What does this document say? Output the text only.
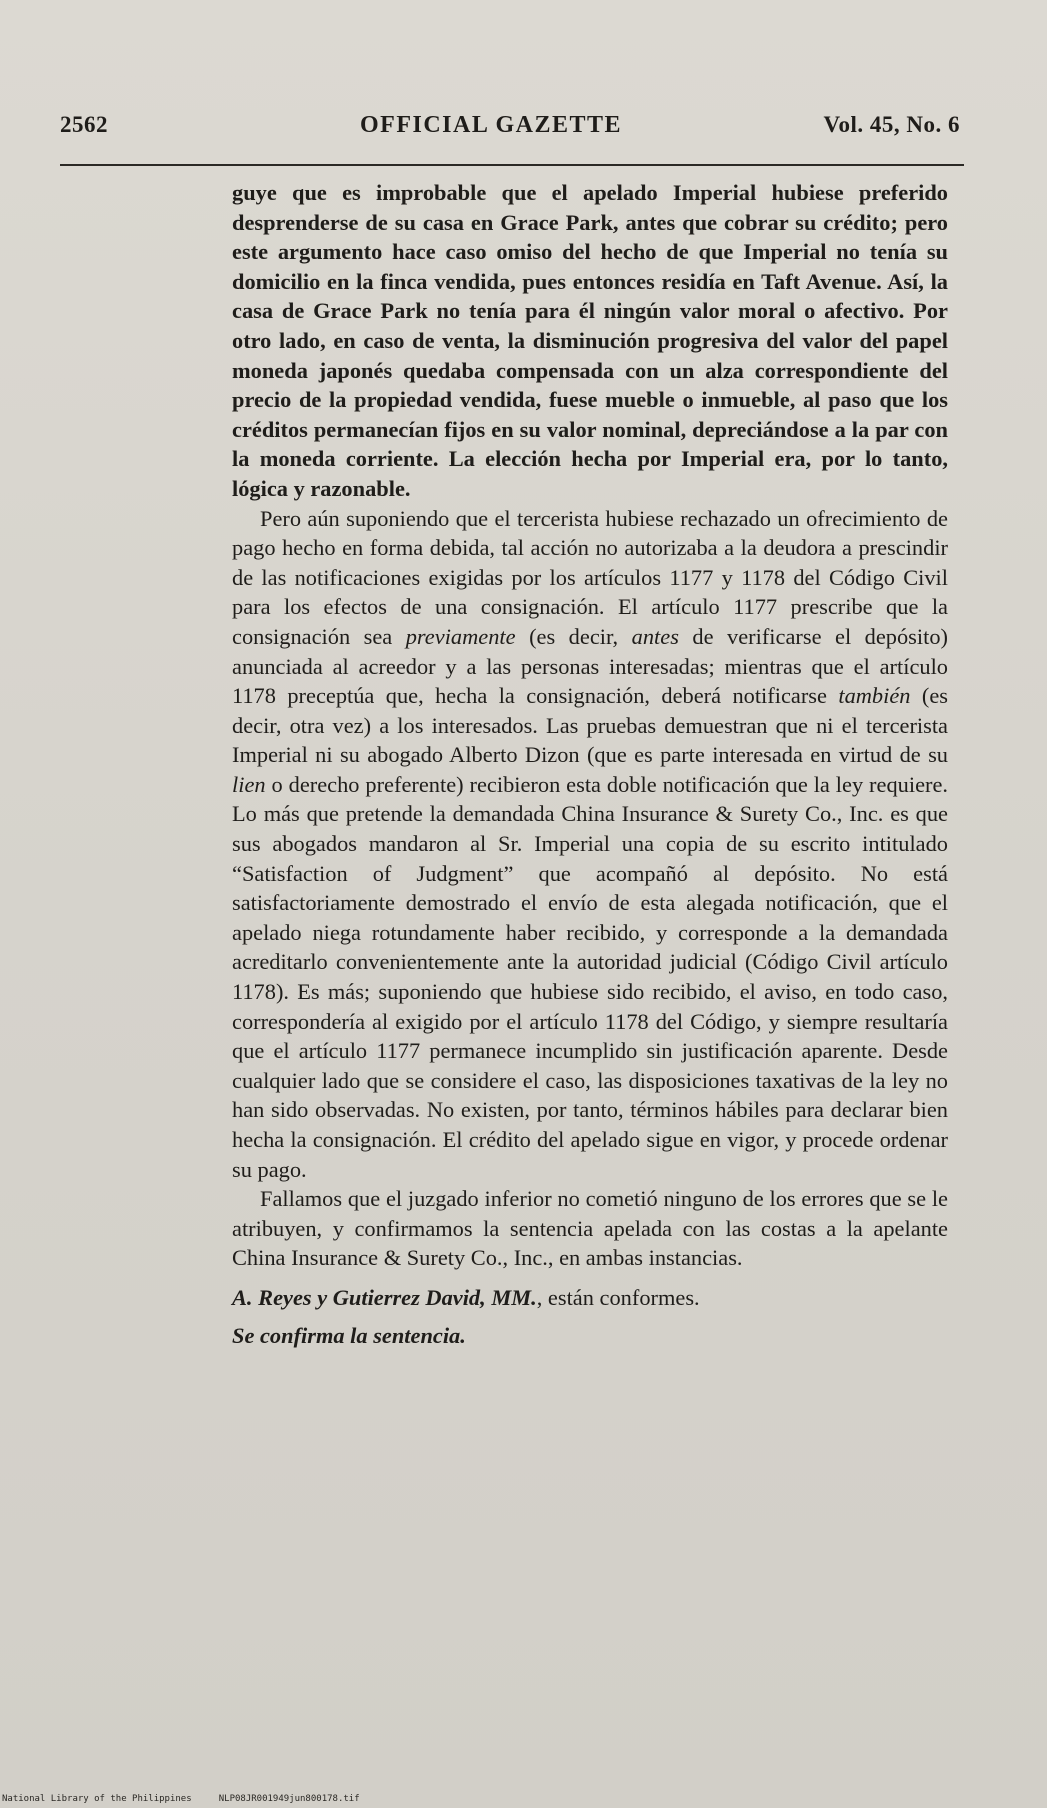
2562	OFFICIAL GAZETTE	Vol. 45, No. 6

guye que es improbable que el apelado Imperial hubiese preferido desprenderse de su casa en Grace Park, antes que cobrar su crédito; pero este argumento hace caso omiso del hecho de que Imperial no tenía su domicilio en la finca vendida, pues entonces residía en Taft Avenue. Así, la casa de Grace Park no tenía para él ningún valor moral o afectivo. Por otro lado, en caso de venta, la disminución progresiva del valor del papel moneda japonés quedaba compensada con un alza correspondiente del precio de la propiedad vendida, fuese mueble o inmueble, al paso que los créditos permanecían fijos en su valor nominal, depreciándose a la par con la moneda corriente. La elección hecha por Imperial era, por lo tanto, lógica y razonable.

Pero aún suponiendo que el tercerista hubiese rechazado un ofrecimiento de pago hecho en forma debida, tal acción no autorizaba a la deudora a prescindir de las notificaciones exigidas por los artículos 1177 y 1178 del Código Civil para los efectos de una consignación. El artículo 1177 prescribe que la consignación sea previamente (es decir, antes de verificarse el depósito) anunciada al acreedor y a las personas interesadas; mientras que el artículo 1178 preceptúa que, hecha la consignación, deberá notificarse también (es decir, otra vez) a los interesados. Las pruebas demuestran que ni el tercerista Imperial ni su abogado Alberto Dizon (que es parte interesada en virtud de su lien o derecho preferente) recibieron esta doble notificación que la ley requiere. Lo más que pretende la demandada China Insurance & Surety Co., Inc. es que sus abogados mandaron al Sr. Imperial una copia de su escrito intitulado “Satisfaction of Judgment” que acompañó al depósito. No está satisfactoriamente demostrado el envío de esta alegada notificación, que el apelado niega rotundamente haber recibido, y corresponde a la demandada acreditarlo convenientemente ante la autoridad judicial (Código Civil artículo 1178). Es más; suponiendo que hubiese sido recibido, el aviso, en todo caso, correspondería al exigido por el artículo 1178 del Código, y siempre resultaría que el artículo 1177 permanece incumplido sin justificación aparente. Desde cualquier lado que se considere el caso, las disposiciones taxativas de la ley no han sido observadas. No existen, por tanto, términos hábiles para declarar bien hecha la consignación. El crédito del apelado sigue en vigor, y procede ordenar su pago.

Fallamos que el juzgado inferior no cometió ninguno de los errores que se le atribuyen, y confirmamos la sentencia apelada con las costas a la apelante China Insurance & Surety Co., Inc., en ambas instancias.

A. Reyes y Gutierrez David, MM., están conformes.

Se confirma la sentencia.

National Library of the Philippines     NLP08JR001949jun800178.tif
